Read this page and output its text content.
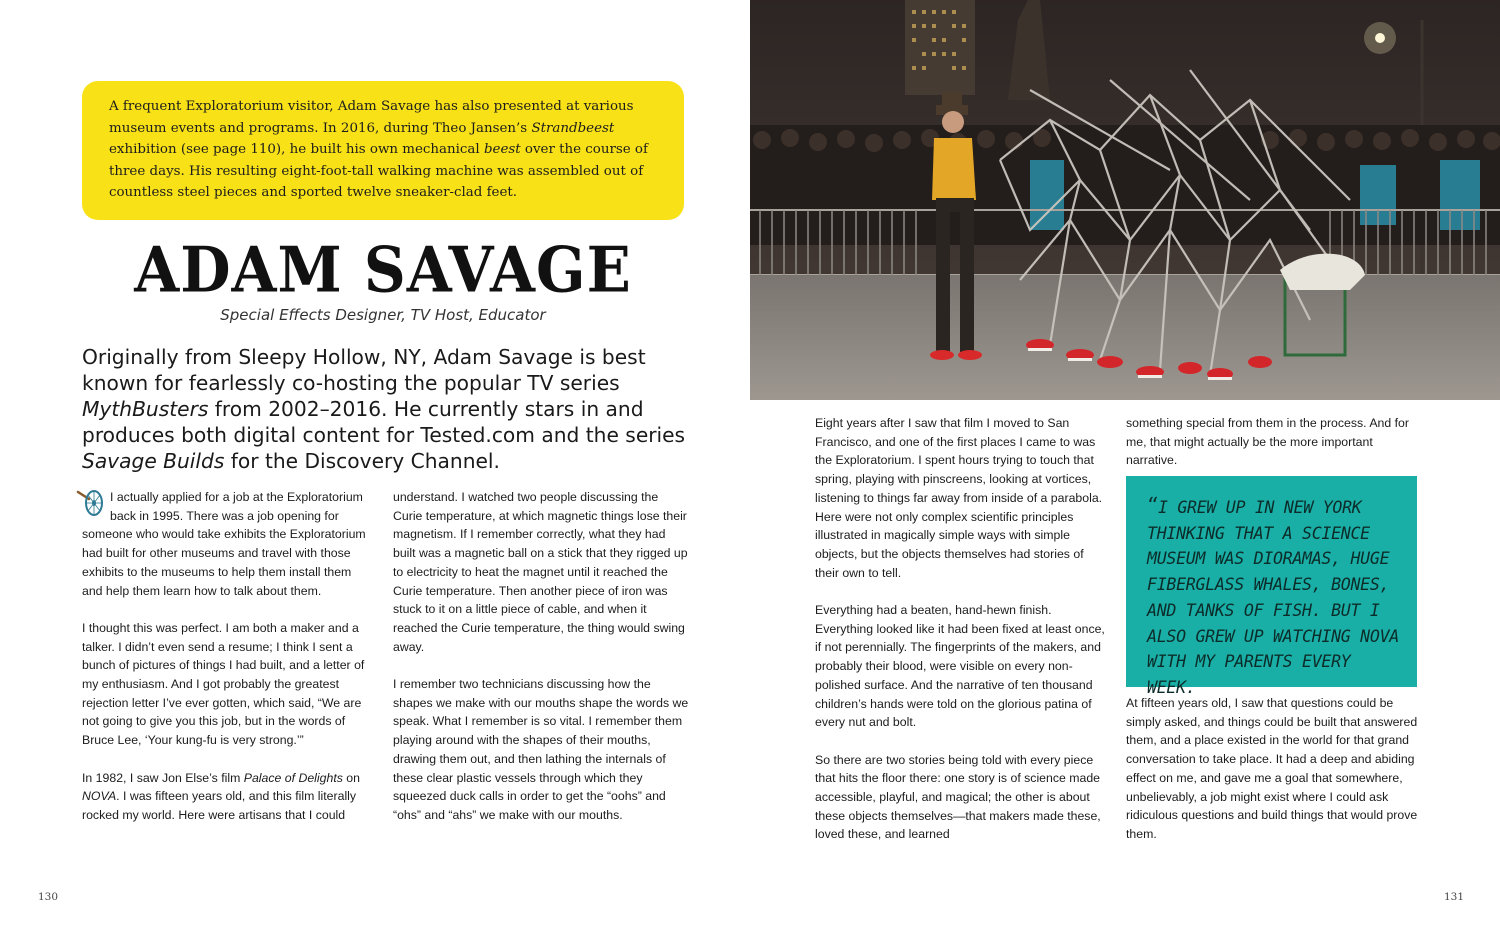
A frequent Exploratorium visitor, Adam Savage has also presented at various museum events and programs. In 2016, during Theo Jansen’s Strandbeest exhibition (see page 110), he built his own mechanical beest over the course of three days. His resulting eight-foot-tall walking machine was assembled out of countless steel pieces and sported twelve sneaker-clad feet.

ADAM SAVAGE
Special Effects Designer, TV Host, Educator

Originally from Sleepy Hollow, NY, Adam Savage is best known for fearlessly co-hosting the popular TV series MythBusters from 2002–2016. He currently stars in and produces both digital content for Tested.com and the series Savage Builds for the Discovery Channel.

I actually applied for a job at the Exploratorium back in 1995. There was a job opening for someone who would take exhibits the Exploratorium had built for other museums and travel with those exhibits to the museums to help them install them and help them learn how to talk about them.

I thought this was perfect. I am both a maker and a talker. I didn’t even send a resume; I think I sent a bunch of pictures of things I had built, and a letter of my enthusiasm. And I got probably the greatest rejection letter I’ve ever gotten, which said, “We are not going to give you this job, but in the words of Bruce Lee, ‘Your kung-fu is very strong.’”

In 1982, I saw Jon Else’s film Palace of Delights on NOVA. I was fifteen years old, and this film literally rocked my world. Here were artisans that I could

understand. I watched two people discussing the Curie temperature, at which magnetic things lose their magnetism. If I remember correctly, what they had built was a magnetic ball on a stick that they rigged up to electricity to heat the magnet until it reached the Curie temperature. Then another piece of iron was stuck to it on a little piece of cable, and when it reached the Curie temperature, the thing would swing away.

I remember two technicians discussing how the shapes we make with our mouths shape the words we speak. What I remember is so vital. I remember them playing around with the shapes of their mouths, drawing them out, and then lathing the internals of these clear plastic vessels through which they squeezed duck calls in order to get the “oohs” and “ohs” and “ahs” we make with our mouths.

130

Eight years after I saw that film I moved to San Francisco, and one of the first places I came to was the Exploratorium. I spent hours trying to touch that spring, playing with pinscreens, looking at vortices, listening to things far away from inside of a parabola. Here were not only complex scientific principles illustrated in magically simple ways with simple objects, but the objects themselves had stories of their own to tell.

Everything had a beaten, hand-hewn finish. Everything looked like it had been fixed at least once, if not perennially. The fingerprints of the makers, and probably their blood, were visible on every non-polished surface. And the narrative of ten thousand children’s hands were told on the glorious patina of every nut and bolt.

So there are two stories being told with every piece that hits the floor there: one story is of science made accessible, playful, and magical; the other is about these objects themselves—that makers made these, loved these, and learned

something special from them in the process. And for me, that might actually be the more important narrative.

“I GREW UP IN NEW YORK THINKING THAT A SCIENCE MUSEUM WAS DIORAMAS, HUGE FIBERGLASS WHALES, BONES, AND TANKS OF FISH. BUT I ALSO GREW UP WATCHING NOVA WITH MY PARENTS EVERY WEEK.

At fifteen years old, I saw that questions could be simply asked, and things could be built that answered them, and a place existed in the world for that grand conversation to take place. It had a deep and abiding effect on me, and gave me a goal that somewhere, unbelievably, a job might exist where I could ask ridiculous questions and build things that would prove them.

131
